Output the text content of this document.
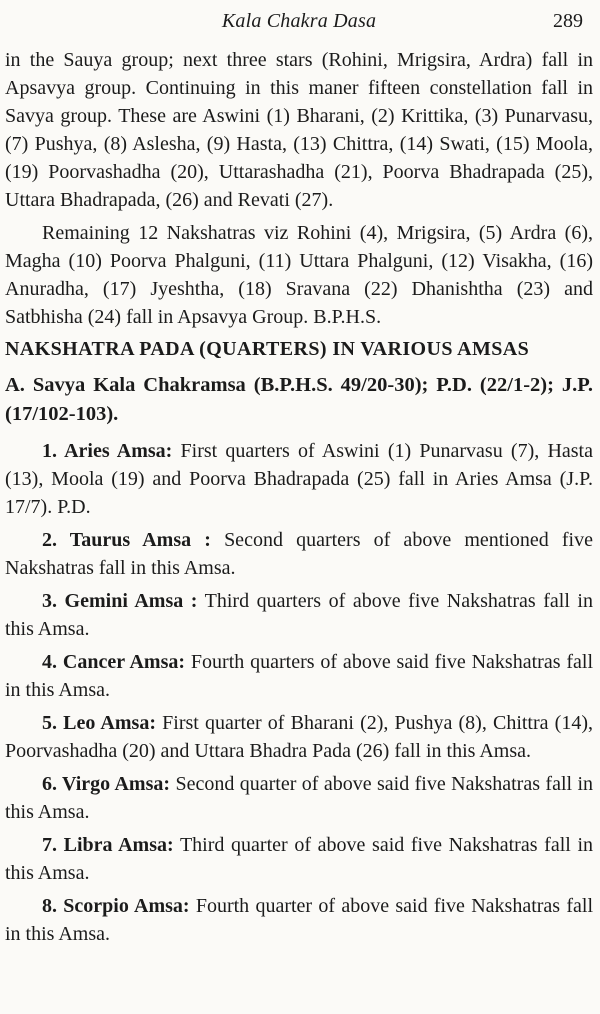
Kala Chakra Dasa	289

in the Sauya group; next three stars (Rohini, Mrigsira, Ardra) fall in Apsavya group. Continuing in this maner fifteen constellation fall in Savya group. These are Aswini (1) Bharani, (2) Krittika, (3) Punarvasu, (7) Pushya, (8) Aslesha, (9) Hasta, (13) Chittra, (14) Swati, (15) Moola, (19) Poorvashadha (20), Uttarashadha (21), Poorva Bhadrapada (25), Uttara Bhadrapada, (26) and Revati (27).

Remaining 12 Nakshatras viz Rohini (4), Mrigsira, (5) Ardra (6), Magha (10) Poorva Phalguni, (11) Uttara Phalguni, (12) Visakha, (16) Anuradha, (17) Jyeshtha, (18) Sravana (22) Dhanishtha (23) and Satbhisha (24) fall in Apsavya Group. B.P.H.S.

NAKSHATRA PADA (QUARTERS) IN VARIOUS AMSAS
A. Savya Kala Chakramsa (B.P.H.S. 49/20-30); P.D. (22/1-2); J.P. (17/102-103).

1. Aries Amsa: First quarters of Aswini (1) Punarvasu (7), Hasta (13), Moola (19) and Poorva Bhadrapada (25) fall in Aries Amsa (J.P. 17/7). P.D.

2. Taurus Amsa : Second quarters of above mentioned five Nakshatras fall in this Amsa.

3. Gemini Amsa : Third quarters of above five Nakshatras fall in this Amsa.

4. Cancer Amsa: Fourth quarters of above said five Nakshatras fall in this Amsa.

5. Leo Amsa: First quarter of Bharani (2), Pushya (8), Chittra (14), Poorvashadha (20) and Uttara Bhadra Pada (26) fall in this Amsa.

6. Virgo Amsa: Second quarter of above said five Nakshatras fall in this Amsa.

7. Libra Amsa: Third quarter of above said five Nakshatras fall in this Amsa.

8. Scorpio Amsa: Fourth quarter of above said five Nakshatras fall in this Amsa.
